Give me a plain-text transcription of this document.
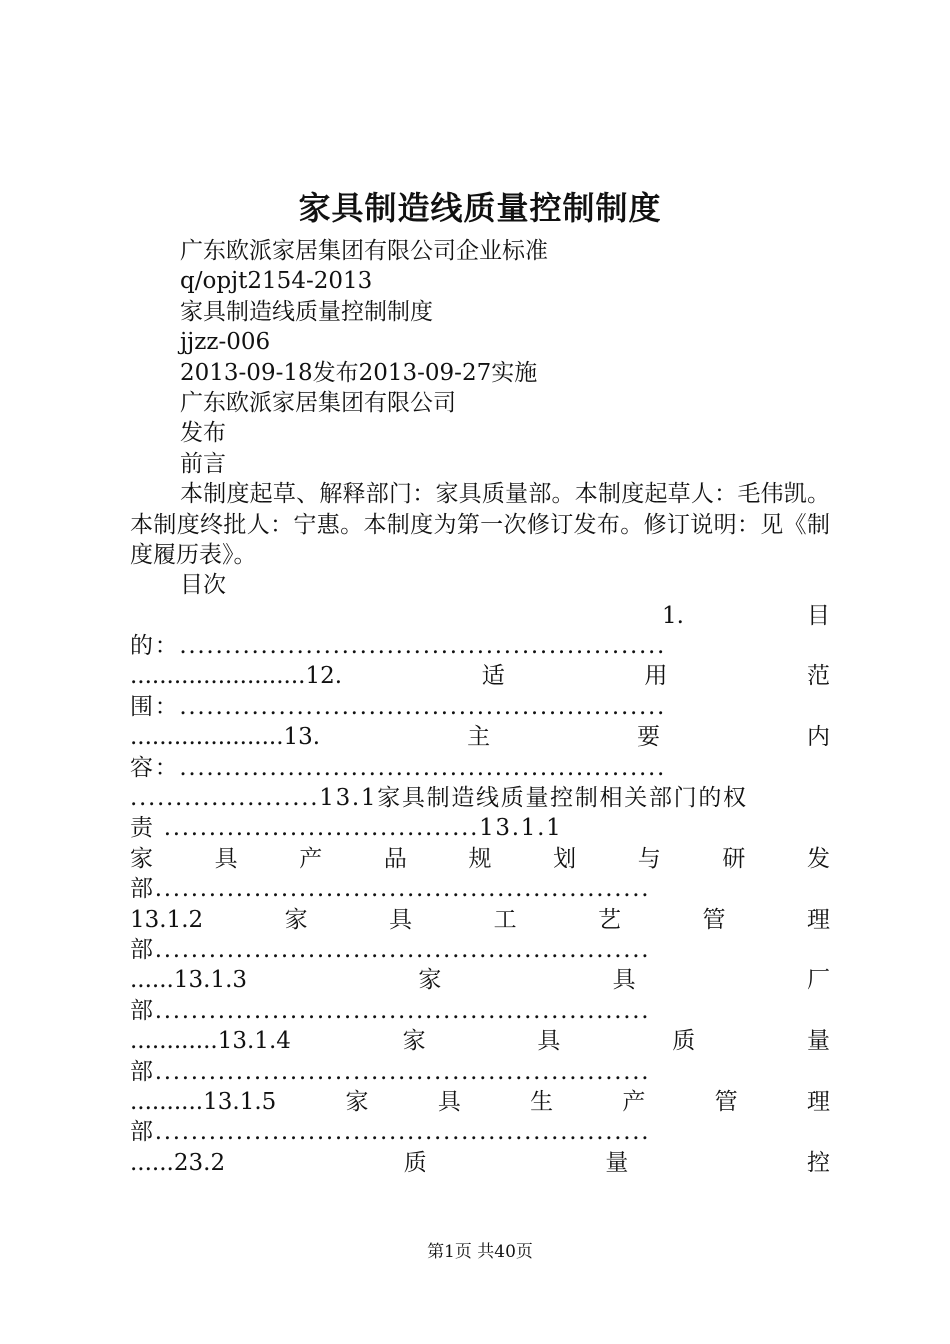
家具制造线质量控制制度
广东欧派家居集团有限公司企业标准
q/opjt2154-2013
家具制造线质量控制制度
jjzz-006
2013-09-18发布2013-09-27实施
广东欧派家居集团有限公司
发布
前言
本制度起草、解释部门：家具质量部。本制度起草人：毛伟凯。本制度终批人：宁惠。本制度为第一次修订发布。修订说明：见《制度履历表》。
目次
1.	目
的：......................................................
........................12.	适	用	范
围：......................................................
.....................13.	主	要	内
容：......................................................
.....................13.1家具制造线质量控制相关部门的权
责 ...................................13.1.1
家	具	产	品	规	划	与	研	发
部.......................................................
13.1.2	家	具	工	艺	管	理
部.......................................................
......13.1.3	家	具	厂
部.......................................................
............13.1.4	家	具	质	量
部.......................................................
..........13.1.5	家	具	生	产	管	理
部.......................................................
......23.2	质	量	控
第1页 共40页
